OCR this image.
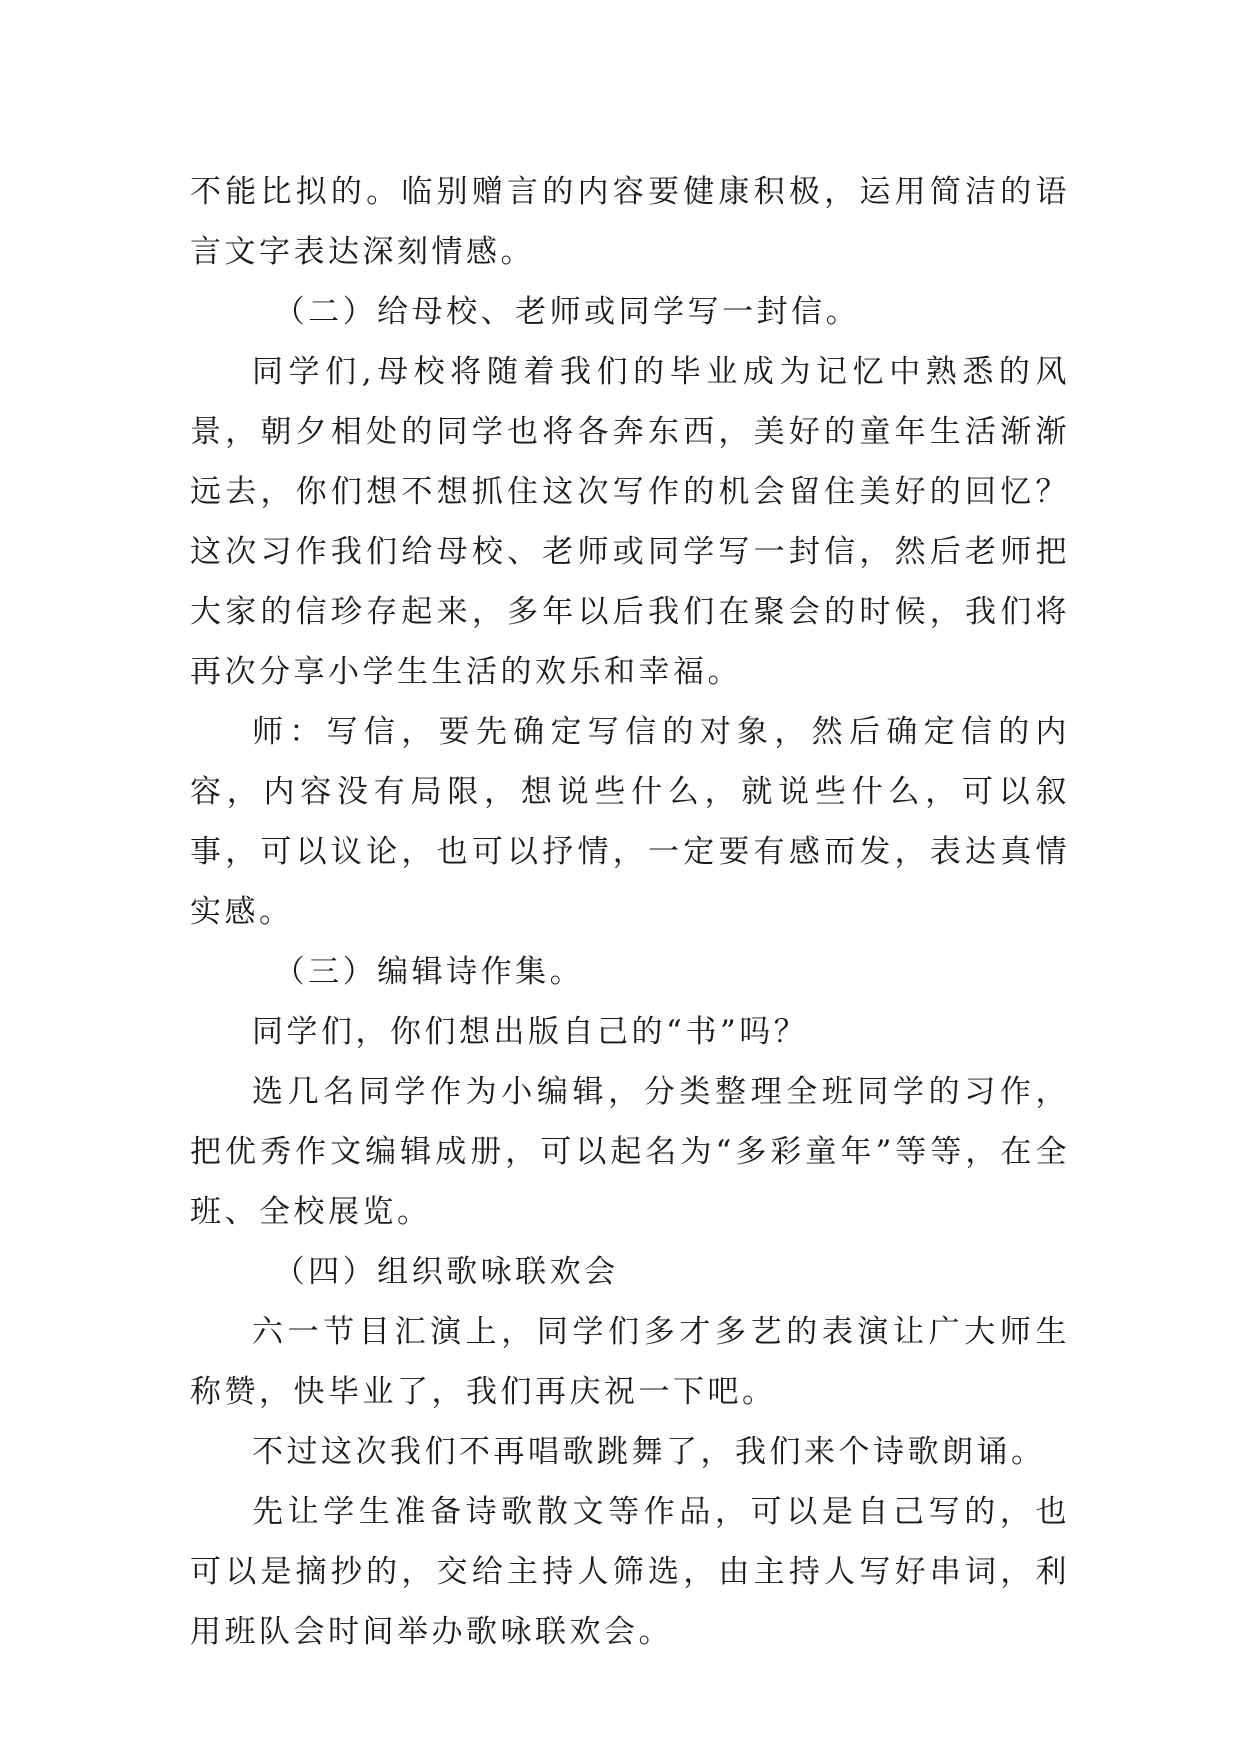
不能比拟的。临别赠言的内容要健康积极，运用简洁的语言文字表达深刻情感。

（二）给母校、老师或同学写一封信。

同学们,母校将随着我们的毕业成为记忆中熟悉的风景，朝夕相处的同学也将各奔东西，美好的童年生活渐渐远去，你们想不想抓住这次写作的机会留住美好的回忆？这次习作我们给母校、老师或同学写一封信，然后老师把大家的信珍存起来，多年以后我们在聚会的时候，我们将再次分享小学生生活的欢乐和幸福。

师：写信，要先确定写信的对象，然后确定信的内容，内容没有局限，想说些什么，就说些什么，可以叙事，可以议论，也可以抒情，一定要有感而发，表达真情实感。

（三）编辑诗作集。

同学们，你们想出版自己的“书”吗？

选几名同学作为小编辑，分类整理全班同学的习作，把优秀作文编辑成册，可以起名为“多彩童年”等等，在全班、全校展览。

（四）组织歌咏联欢会

六一节目汇演上，同学们多才多艺的表演让广大师生称赞，快毕业了，我们再庆祝一下吧。

不过这次我们不再唱歌跳舞了，我们来个诗歌朗诵。

先让学生准备诗歌散文等作品，可以是自己写的，也可以是摘抄的，交给主持人筛选，由主持人写好串词，利用班队会时间举办歌咏联欢会。
